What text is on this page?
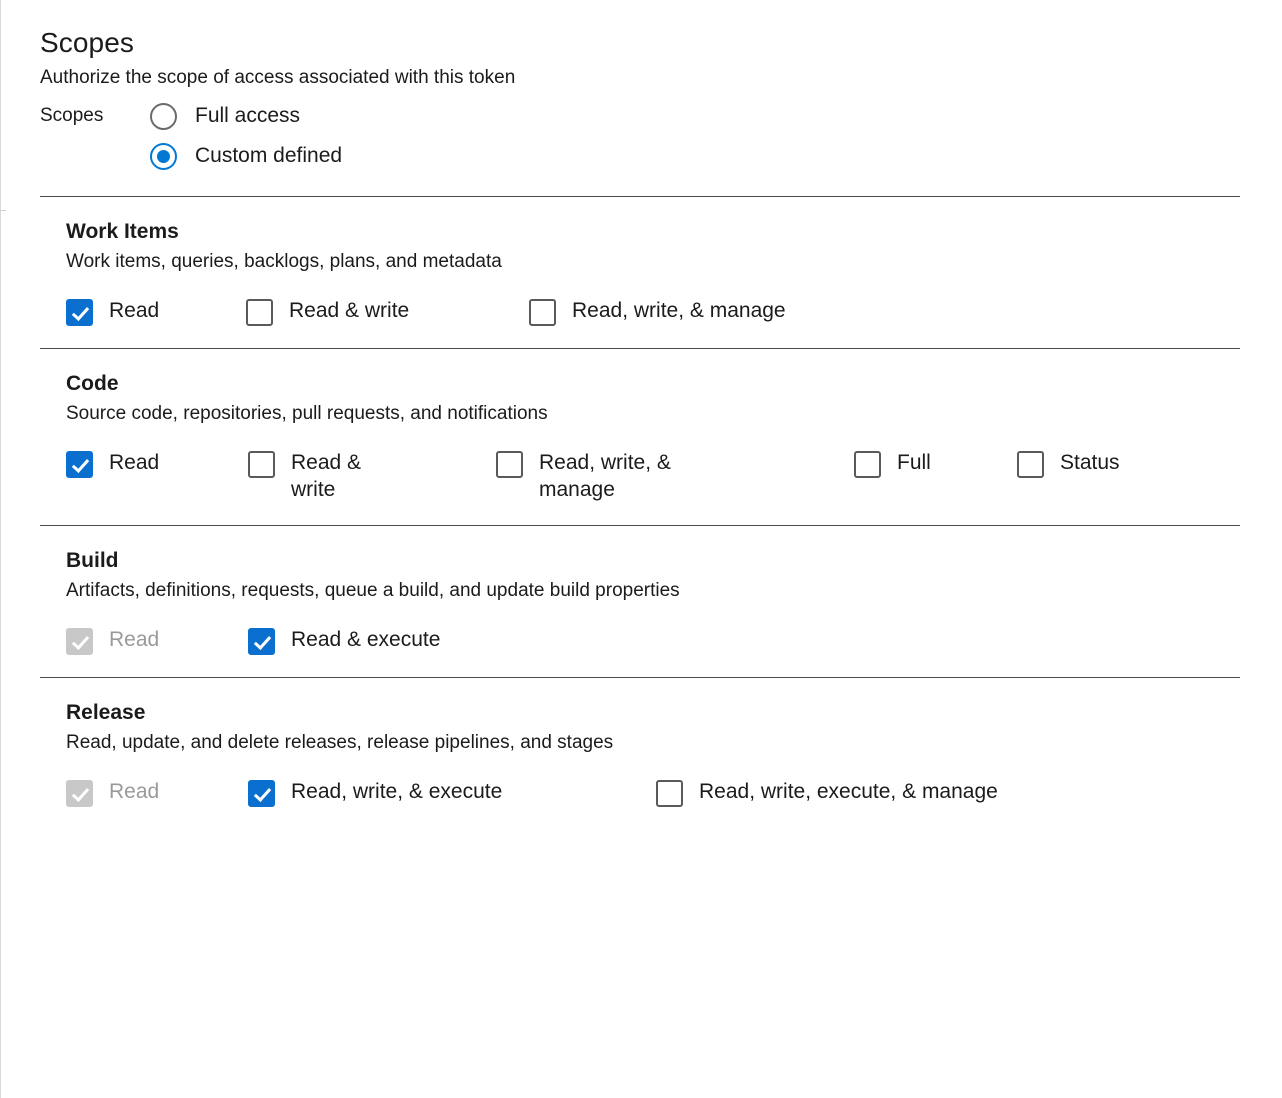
Scopes
Authorize the scope of access associated with this token
Scopes	Full access
Custom defined
Work Items
Work items, queries, backlogs, plans, and metadata
Read	Read & write	Read, write, & manage
Code
Source code, repositories, pull requests, and notifications
Read	Read & write
Read, write, & manage
Full	Status
Build
Artifacts, definitions, requests, queue a build, and update build properties
Read	Read & execute
Release
Read, update, and delete releases, release pipelines, and stages
Read	Read, write, & execute	Read, write, execute, & manage
